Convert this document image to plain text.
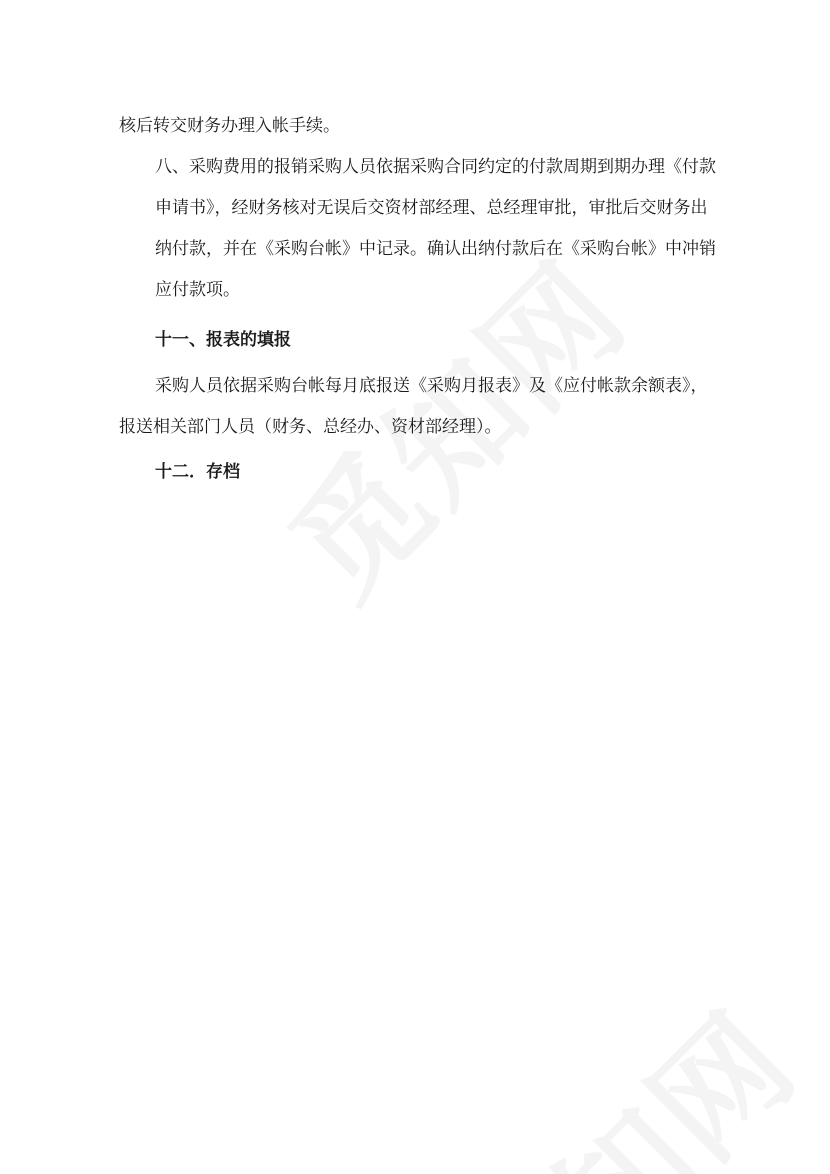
核后转交财务办理入帐手续。
八、采购费用的报销采购人员依据采购合同约定的付款周期到期办理《付款
申请书》，经财务核对无误后交资材部经理、总经理审批，审批后交财务出
纳付款，并在《采购台帐》中记录。确认出纳付款后在《采购台帐》中冲销
应付款项。
十一、报表的填报
采购人员依据采购台帐每月底报送《采购月报表》及《应付帐款余额表》，
报送相关部门人员（财务、总经办、资材部经理）。
十二．存档
